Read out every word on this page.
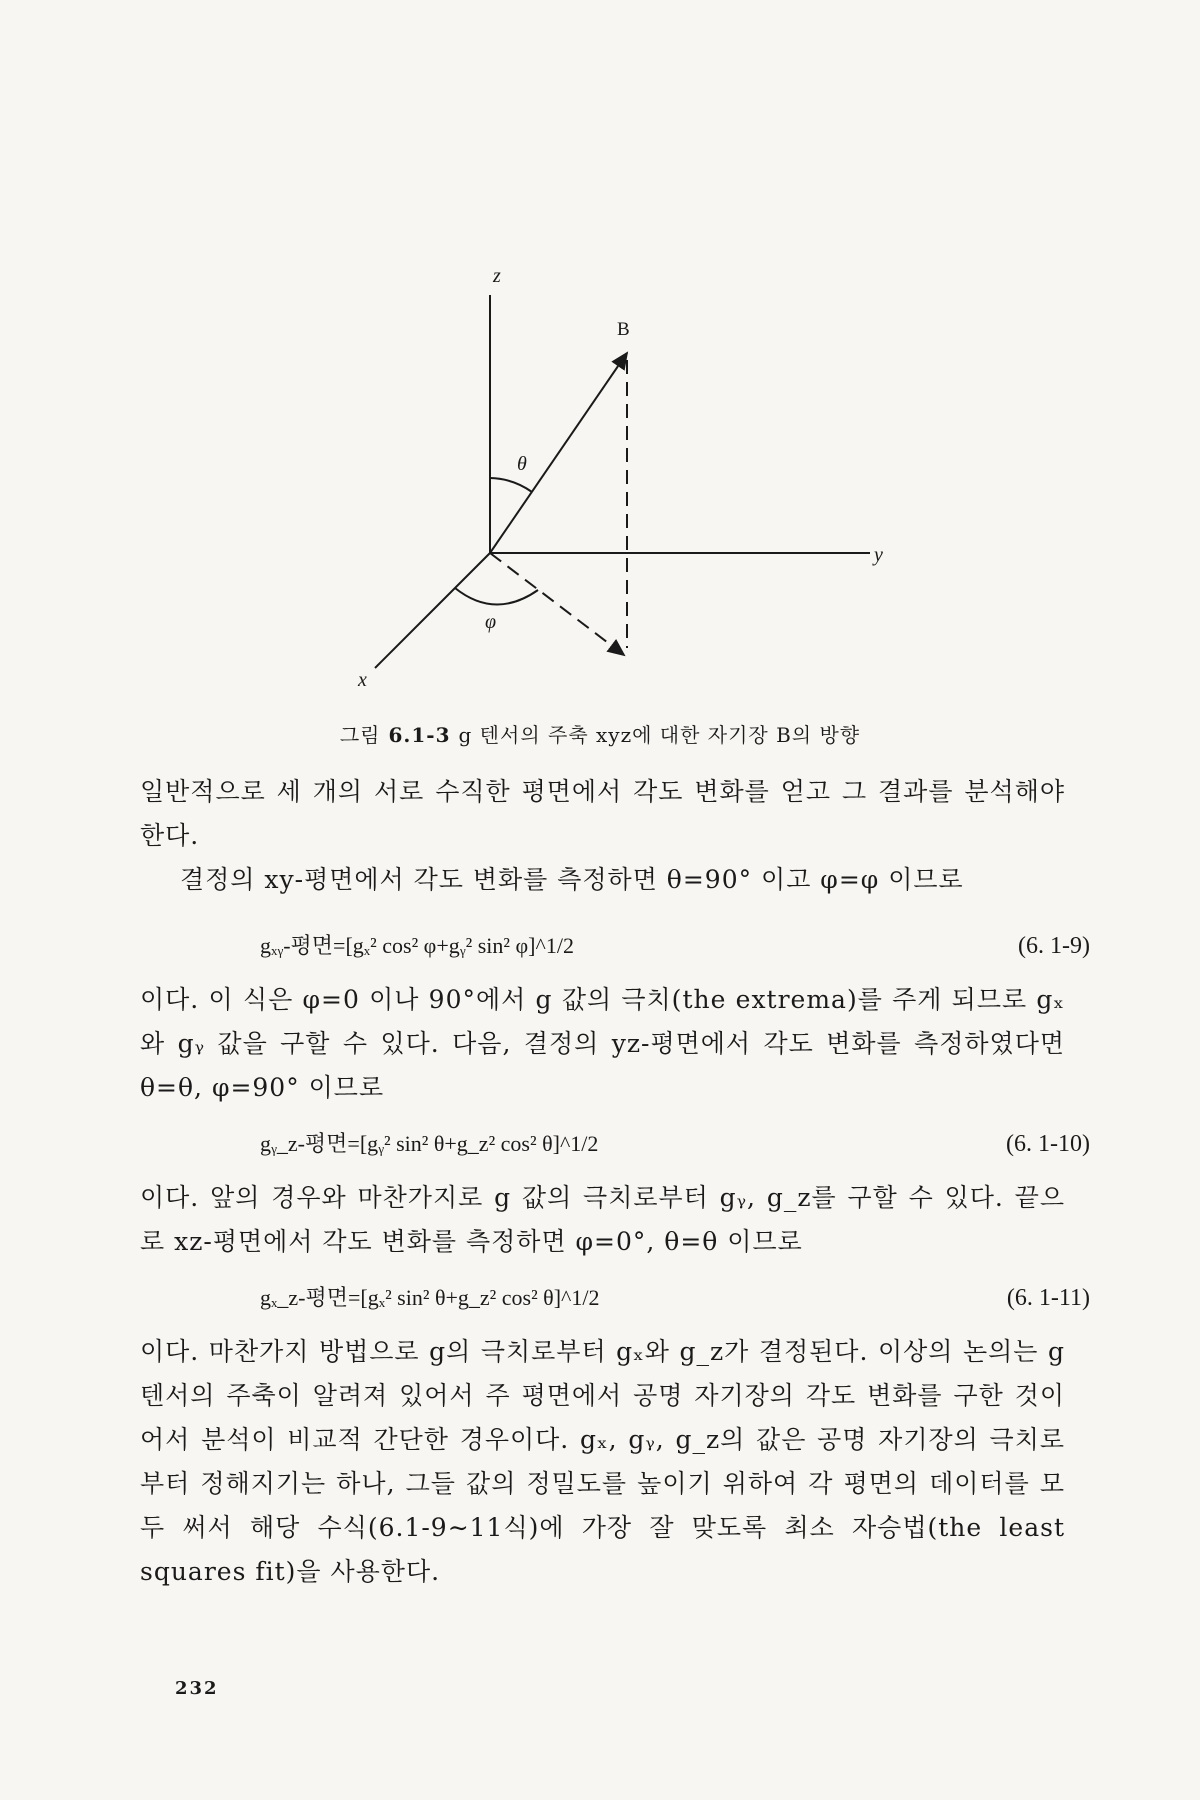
z
B
θ
y
φ
x
그림 6.1-3 g 텐서의 주축 xyz에 대한 자기장 B의 방향

일반적으로 세 개의 서로 수직한 평면에서 각도 변화를 얻고 그 결과를 분석해야 한다.

결정의 xy-평면에서 각도 변화를 측정하면 θ=90° 이고 φ=φ 이므로

gₓᵧ-평면=[gₓ² cos² φ+gᵧ² sin² φ]^1/2	(6. 1-9)

이다. 이 식은 φ=0 이나 90°에서 g 값의 극치(the extrema)를 주게 되므로 gₓ와 gᵧ 값을 구할 수 있다. 다음, 결정의 yz-평면에서 각도 변화를 측정하였다면 θ=θ, φ=90° 이므로

gᵧ_z-평면=[gᵧ² sin² θ+g_z² cos² θ]^1/2	(6. 1-10)

이다. 앞의 경우와 마찬가지로 g 값의 극치로부터 gᵧ, g_z를 구할 수 있다. 끝으로 xz-평면에서 각도 변화를 측정하면 φ=0°, θ=θ 이므로

gₓ_z-평면=[gₓ² sin² θ+g_z² cos² θ]^1/2	(6. 1-11)

이다. 마찬가지 방법으로 g의 극치로부터 gₓ와 g_z가 결정된다. 이상의 논의는 g 텐서의 주축이 알려져 있어서 주 평면에서 공명 자기장의 각도 변화를 구한 것이어서 분석이 비교적 간단한 경우이다. gₓ, gᵧ, g_z의 값은 공명 자기장의 극치로부터 정해지기는 하나, 그들 값의 정밀도를 높이기 위하여 각 평면의 데이터를 모두 써서 해당 수식(6.1-9∼11식)에 가장 잘 맞도록 최소 자승법(the least squares fit)을 사용한다.

232
